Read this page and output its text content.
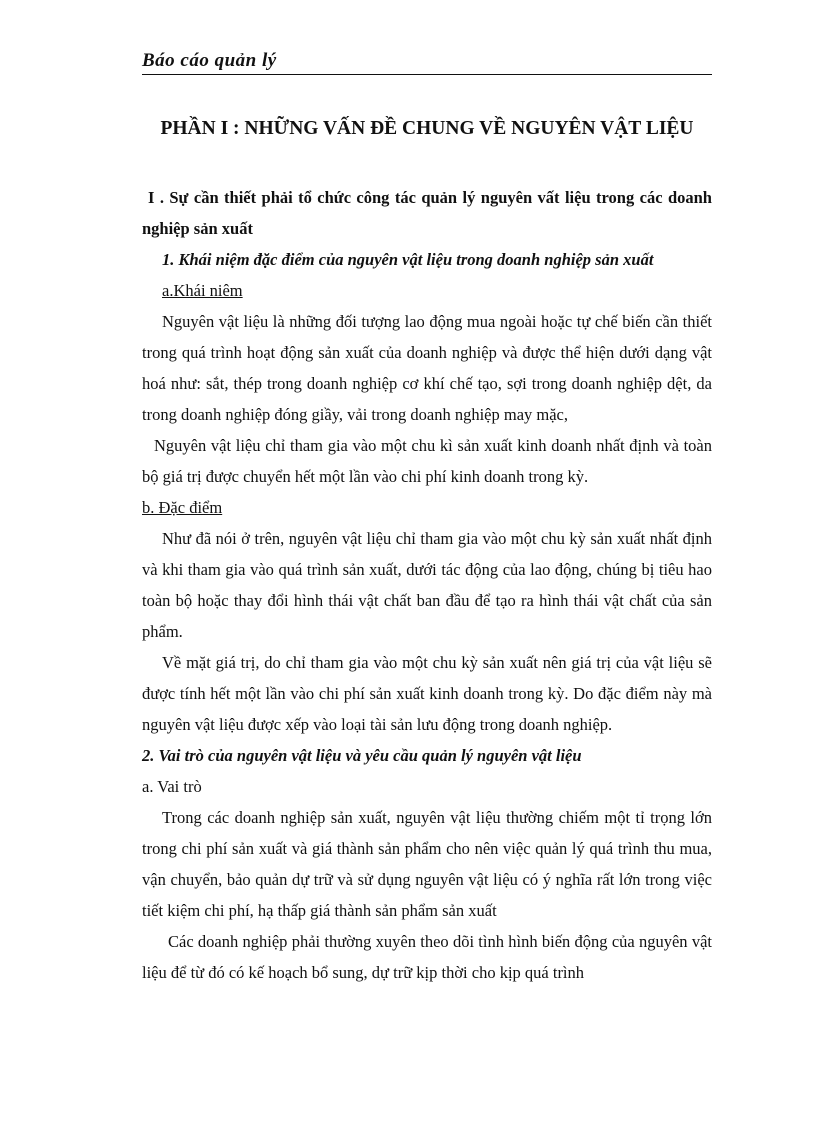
Báo cáo quản lý
PHẦN I : NHỮNG VẤN ĐỀ CHUNG VỀ NGUYÊN VẬT LIỆU

I . Sự cần thiết phải tổ chức công tác quản lý nguyên vất liệu trong các doanh nghiệp sản xuất

1. Khái niệm đặc điểm của nguyên vật liệu trong doanh nghiệp sản xuất

a.Khái niêm

Nguyên vật liệu là những đối tượng lao động mua ngoài hoặc tự chế biến cần thiết trong quá trình hoạt động sản xuất của doanh nghiệp và được thể hiện dưới dạng vật hoá như: sắt, thép trong doanh nghiệp cơ khí chế tạo, sợi trong doanh nghiệp dệt, da trong doanh nghiệp đóng giầy, vải trong doanh nghiệp may mặc,

Nguyên vật liệu chỉ tham gia vào một chu kì sản xuất kinh doanh nhất định và toàn bộ giá trị được chuyển hết một lần vào chi phí kinh doanh trong kỳ.

b. Đặc điểm

Như đã nói ở trên, nguyên vật liệu chỉ tham gia vào một chu kỳ sản xuất nhất định và khi tham gia vào quá trình sản xuất, dưới tác động của lao động, chúng bị tiêu hao toàn bộ hoặc thay đổi hình thái vật chất ban đầu để tạo ra hình thái vật chất của sản phẩm.

Về mặt giá trị, do chỉ tham gia vào một chu kỳ sản xuất nên giá trị của vật liệu sẽ được tính hết một lần vào chi phí sản xuất kinh doanh trong kỳ. Do đặc điểm này mà nguyên vật liệu được xếp vào loại tài sản lưu động trong doanh nghiệp.

2. Vai trò của nguyên vật liệu và yêu cầu quản lý nguyên vật liệu

a. Vai trò

Trong các doanh nghiệp sản xuất, nguyên vật liệu thường chiếm một tỉ trọng lớn trong chi phí sản xuất và giá thành sản phẩm cho nên việc quản lý quá trình thu mua, vận chuyển, bảo quản dự trữ và sử dụng nguyên vật liệu có ý nghĩa rất lớn trong việc tiết kiệm chi phí, hạ thấp giá thành sản phẩm sản xuất

Các doanh nghiệp phải thường xuyên theo dõi tình hình biến động của nguyên vật liệu để từ đó có kế hoạch bổ sung, dự trữ kịp thời cho kịp quá trình
